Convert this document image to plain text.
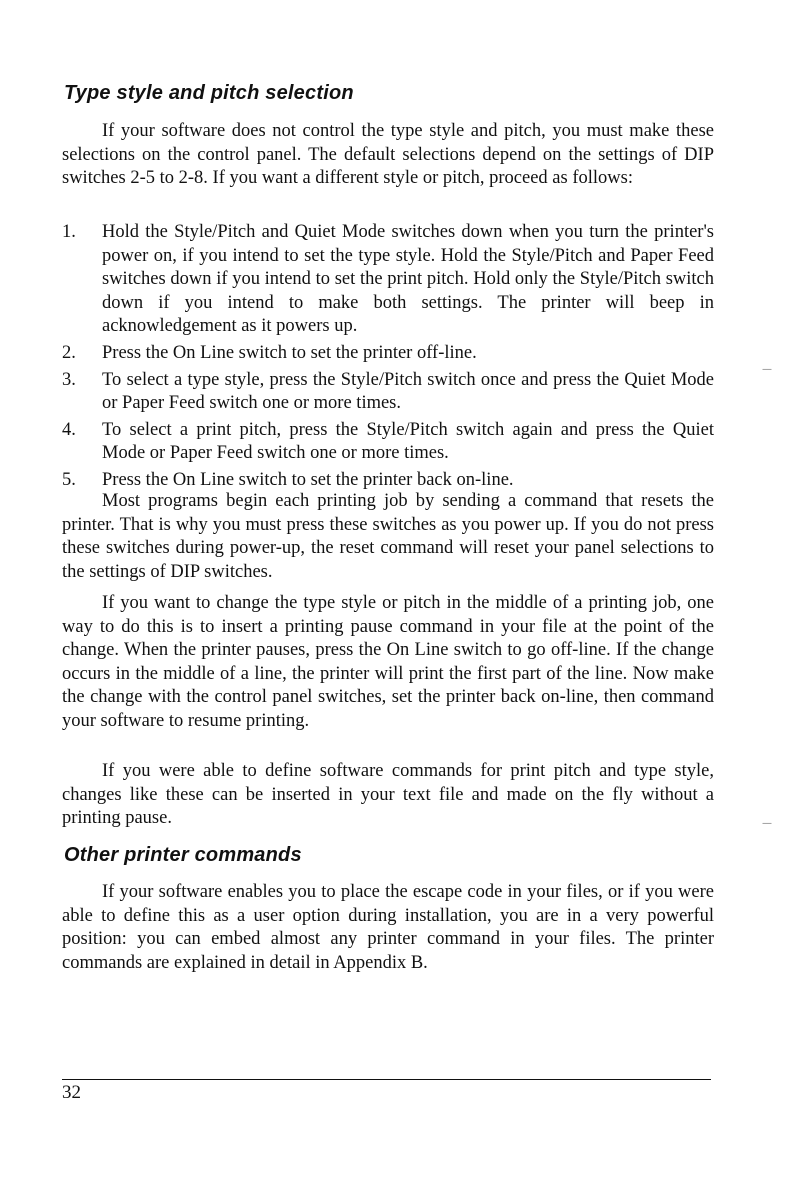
Type style and pitch selection

If your software does not control the type style and pitch, you must make these selections on the control panel. The default selections depend on the settings of DIP switches 2-5 to 2-8. If you want a different style or pitch, proceed as follows:

1. Hold the Style/Pitch and Quiet Mode switches down when you turn the printer's power on, if you intend to set the type style. Hold the Style/Pitch and Paper Feed switches down if you intend to set the print pitch. Hold only the Style/Pitch switch down if you intend to make both settings. The printer will beep in acknowledgement as it powers up.
2. Press the On Line switch to set the printer off-line.
3. To select a type style, press the Style/Pitch switch once and press the Quiet Mode or Paper Feed switch one or more times.
4. To select a print pitch, press the Style/Pitch switch again and press the Quiet Mode or Paper Feed switch one or more times.
5. Press the On Line switch to set the printer back on-line.

Most programs begin each printing job by sending a command that resets the printer. That is why you must press these switches as you power up. If you do not press these switches during power-up, the reset command will reset your panel selections to the settings of DIP switches.

If you want to change the type style or pitch in the middle of a printing job, one way to do this is to insert a printing pause command in your file at the point of the change. When the printer pauses, press the On Line switch to go off-line. If the change occurs in the middle of a line, the printer will print the first part of the line. Now make the change with the control panel switches, set the printer back on-line, then command your software to resume printing.

If you were able to define software commands for print pitch and type style, changes like these can be inserted in your text file and made on the fly without a printing pause.

Other printer commands

If your software enables you to place the escape code in your files, or if you were able to define this as a user option during installation, you are in a very powerful position: you can embed almost any printer command in your files. The printer commands are explained in detail in Appendix B.

32
—
—
